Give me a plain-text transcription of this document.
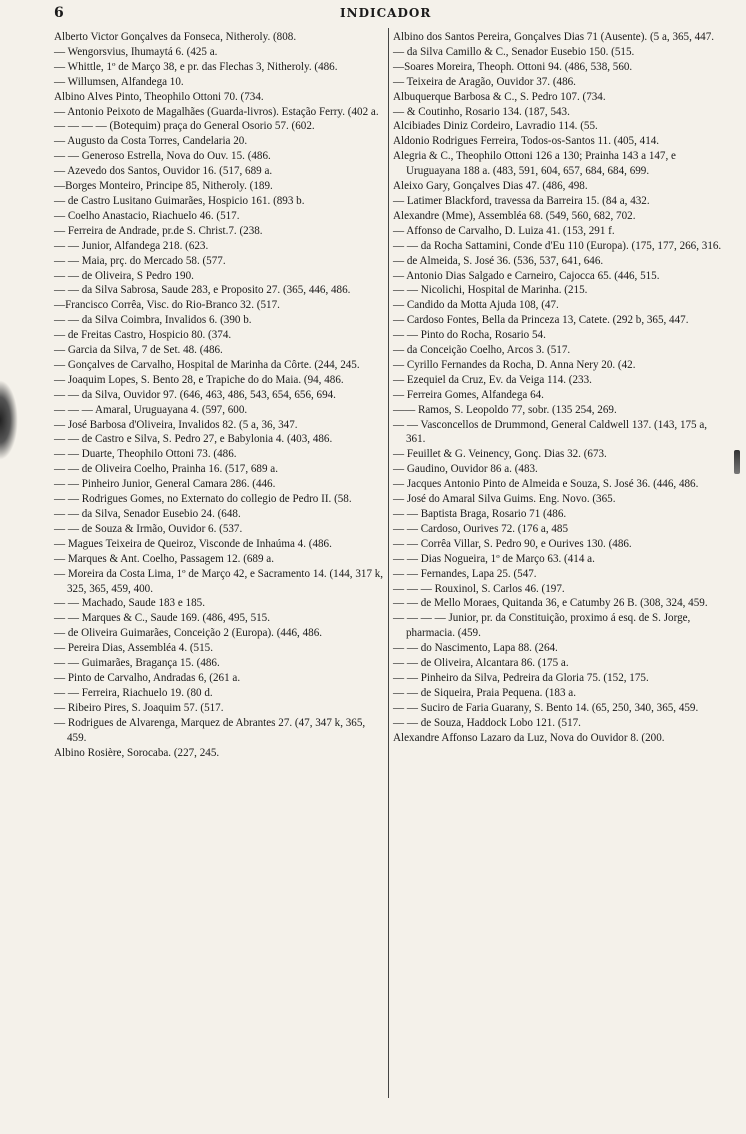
6	INDICADOR

Alberto Victor Gonçalves da Fonseca, Nitheroly. (808.

— Wengorsvius, Ihumaytá 6. (425 a.

— Whittle, 1º de Março 38, e pr. das Flechas 3, Nitheroly. (486.

— Willumsen, Alfandega 10.

Albino Alves Pinto, Theophilo Ottoni 70. (734.

— Antonio Peixoto de Magalhães (Guarda-livros). Estação Ferry. (402 a.

— — — — (Botequim) praça do General Osorio 57. (602.

— Augusto da Costa Torres, Candelaria 20.

— — Generoso Estrella, Nova do Ouv. 15. (486.

— Azevedo dos Santos, Ouvidor 16. (517, 689 a.

—Borges Monteiro, Principe 85, Nitheroly. (189.

— de Castro Lusitano Guimarães, Hospicio 161. (893 b.

— Coelho Anastacio, Riachuelo 46. (517.

— Ferreira de Andrade, pr.de S. Christ.7. (238.

— — Junior, Alfandega 218. (623.

— — Maia, prç. do Mercado 58. (577.

— — de Oliveira, S Pedro 190.

— — da Silva Sabrosa, Saude 283, e Proposito 27. (365, 446, 486.

—Francisco Corrêa, Visc. do Rio-Branco 32. (517.

— — da Silva Coimbra, Invalidos 6. (390 b.

— de Freitas Castro, Hospicio 80. (374.

— Garcia da Silva, 7 de Set. 48. (486.

— Gonçalves de Carvalho, Hospital de Marinha da Côrte. (244, 245.

— Joaquim Lopes, S. Bento 28, e Trapiche do do Maia. (94, 486.

— — da Silva, Ouvidor 97. (646, 463, 486, 543, 654, 656, 694.

— — — Amaral, Uruguayana 4. (597, 600.

— José Barbosa d'Oliveira, Invalidos 82. (5 a, 36, 347.

— — de Castro e Silva, S. Pedro 27, e Babylonia 4. (403, 486.

— — Duarte, Theophilo Ottoni 73. (486.

— — de Oliveira Coelho, Prainha 16. (517, 689 a.

— — Pinheiro Junior, General Camara 286. (446.

— — Rodrigues Gomes, no Externato do collegio de Pedro II. (58.

— — da Silva, Senador Eusebio 24. (648.

— — de Souza & Irmão, Ouvidor 6. (537.

— Magues Teixeira de Queiroz, Visconde de Inhaúma 4. (486.

— Marques & Ant. Coelho, Passagem 12. (689 a.

— Moreira da Costa Lima, 1º de Março 42, e Sacramento 14. (144, 317 k, 325, 365, 459, 400.

— — Machado, Saude 183 e 185.

— — Marques & C., Saude 169. (486, 495, 515.

— de Oliveira Guimarães, Conceição 2 (Europa). (446, 486.

— Pereira Dias, Assembléa 4. (515.

— — Guimarães, Bragança 15. (486.

— Pinto de Carvalho, Andradas 6, (261 a.

— — Ferreira, Riachuelo 19. (80 d.

— Ribeiro Pires, S. Joaquim 57. (517.

— Rodrigues de Alvarenga, Marquez de Abrantes 27. (47, 347 k, 365, 459.

Albino Rosière, Sorocaba. (227, 245.

Albino dos Santos Pereira, Gonçalves Dias 71 (Ausente). (5 a, 365, 447.

— da Silva Camillo & C., Senador Eusebio 150. (515.

—Soares Moreira, Theoph. Ottoni 94. (486, 538, 560.

— Teixeira de Aragão, Ouvidor 37. (486.

Albuquerque Barbosa & C., S. Pedro 107. (734.

— & Coutinho, Rosario 134. (187, 543.

Alcibiades Diniz Cordeiro, Lavradio 114. (55.

Aldonio Rodrigues Ferreira, Todos-os-Santos 11. (405, 414.

Alegria & C., Theophilo Ottoni 126 a 130; Prainha 143 a 147, e Uruguayana 188 a. (483, 591, 604, 657, 684, 684, 699.

Aleixo Gary, Gonçalves Dias 47. (486, 498.

— Latimer Blackford, travessa da Barreira 15. (84 a, 432.

Alexandre (Mme), Assembléa 68. (549, 560, 682, 702.

— Affonso de Carvalho, D. Luiza 41. (153, 291 f.

— — da Rocha Sattamini, Conde d'Eu 110 (Europa). (175, 177, 266, 316.

— de Almeida, S. José 36. (536, 537, 641, 646.

— Antonio Dias Salgado e Carneiro, Cajocca 65. (446, 515.

— — Nicolichi, Hospital de Marinha. (215.

— Candido da Motta Ajuda 108, (47.

— Cardoso Fontes, Bella da Princeza 13, Catete. (292 b, 365, 447.

— — Pinto do Rocha, Rosario 54.

— da Conceição Coelho, Arcos 3. (517.

— Cyrillo Fernandes da Rocha, D. Anna Nery 20. (42.

— Ezequiel da Cruz, Ev. da Veiga 114. (233.

— Ferreira Gomes, Alfandega 64.

—— Ramos, S. Leopoldo 77, sobr. (135 254, 269.

— — Vasconcellos de Drummond, General Caldwell 137. (143, 175 a, 361.

— Feuillet & G. Veinency, Gonç. Dias 32. (673.

— Gaudino, Ouvidor 86 a. (483.

— Jacques Antonio Pinto de Almeida e Souza, S. José 36. (446, 486.

— José do Amaral Silva Guims. Eng. Novo. (365.

— — Baptista Braga, Rosario 71 (486.

— — Cardoso, Ourives 72. (176 a, 485

— — Corrêa Villar, S. Pedro 90, e Ourives 130. (486.

— — Dias Nogueira, 1º de Março 63. (414 a.

— — Fernandes, Lapa 25. (547.

— — — Rouxinol, S. Carlos 46. (197.

— — de Mello Moraes, Quitanda 36, e Catumby 26 B. (308, 324, 459.

— — — — Junior, pr. da Constituição, proximo á esq. de S. Jorge, pharmacia. (459.

— — do Nascimento, Lapa 88. (264.

— — de Oliveira, Alcantara 86. (175 a.

— — Pinheiro da Silva, Pedreira da Gloria 75. (152, 175.

— — de Siqueira, Praia Pequena. (183 a.

— — Suciro de Faria Guarany, S. Bento 14. (65, 250, 340, 365, 459.

— — de Souza, Haddock Lobo 121. (517.

Alexandre Affonso Lazaro da Luz, Nova do Ouvidor 8. (200.
